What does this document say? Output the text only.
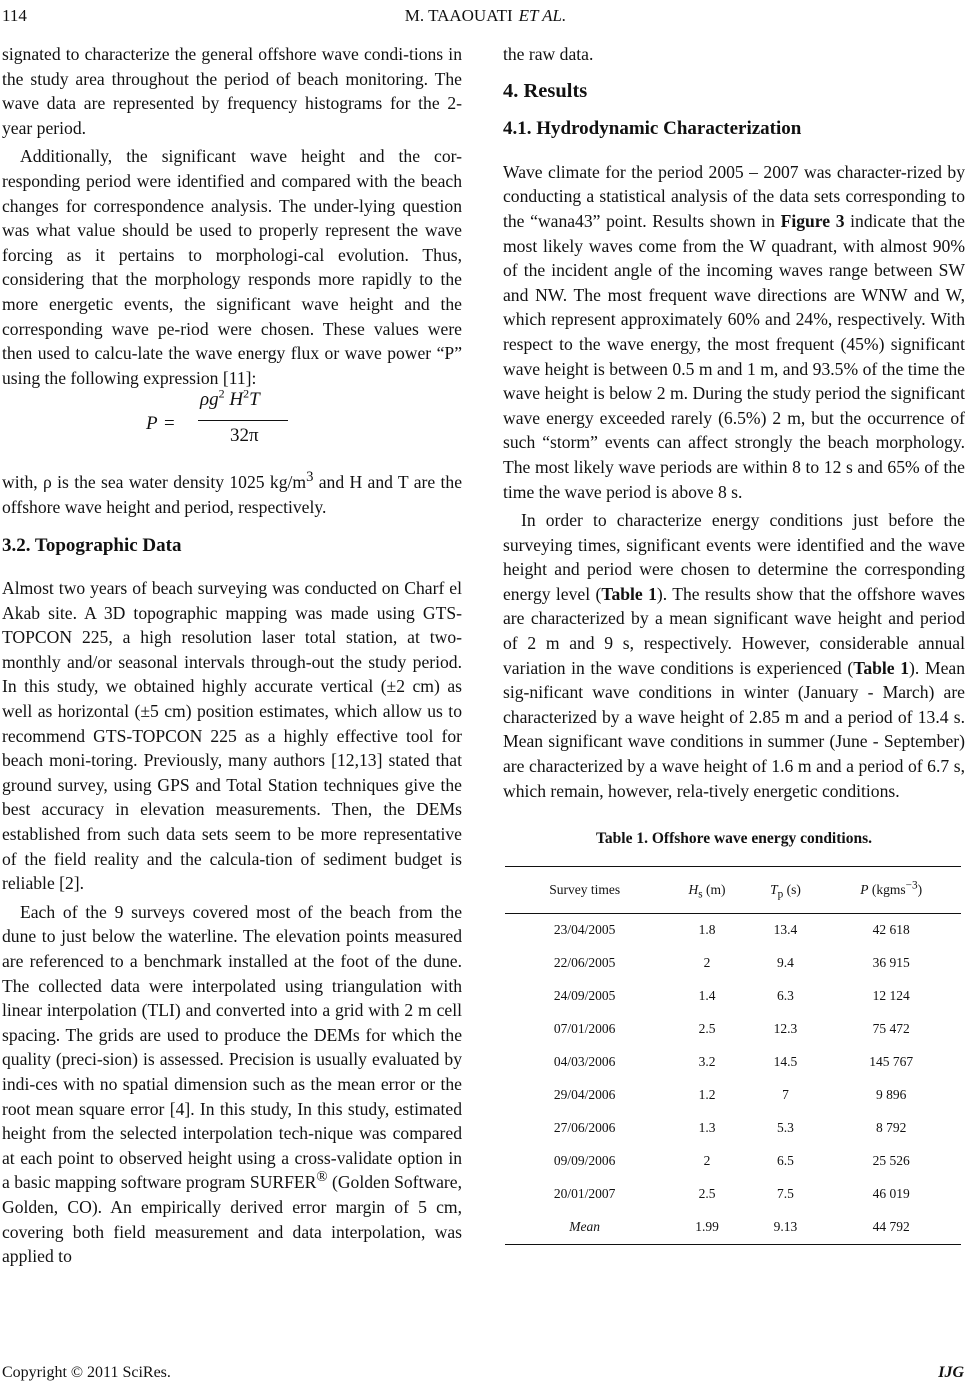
114	M. TAAOUATI ET AL.

signated to characterize the general offshore wave condi-tions in the study area throughout the period of beach monitoring. The wave data are represented by frequency histograms for the 2-year period.

Additionally, the significant wave height and the cor-responding period were identified and compared with the beach changes for correspondence analysis. The under-lying question was what value should be used to properly represent the wave forcing as it pertains to morphologi-cal evolution. Thus, considering that the morphology responds more rapidly to the more energetic events, the significant wave height and the corresponding wave pe-riod were chosen. These values were then used to calcu-late the wave energy flux or wave power “P” using the following expression [11]:

P =
$\rho g^2$ $H^2T$
32π

with, ρ is the sea water density 1025 $kg/m^3$ and H and T are the offshore wave height and period, respectively.

3.2. Topographic Data

Almost two years of beach surveying was conducted on Charf el Akab site. A 3D topographic mapping was made using GTS-TOPCON 225, a high resolution laser total station, at two-monthly and/or seasonal intervals through-out the study period. In this study, we obtained highly accurate vertical (±2 cm) as well as horizontal (±5 cm) position estimates, which allow us to recommend GTS-TOPCON 225 as a highly effective tool for beach moni-toring. Previously, many authors [12,13] stated that ground survey, using GPS and Total Station techniques give the best accuracy in elevation measurements. Then, the DEMs established from such data sets seem to be more representative of the field reality and the calcula-tion of sediment budget is reliable [2].

Each of the 9 surveys covered most of the beach from the dune to just below the waterline. The elevation points measured are referenced to a benchmark installed at the foot of the dune. The collected data were interpolated using triangulation with linear interpolation (TLI) and converted into a grid with 2 m cell spacing. The grids are used to produce the DEMs for which the quality (preci-sion) is assessed. Precision is usually evaluated by indi-ces with no spatial dimension such as the mean error or the root mean square error [4]. In this study, In this study, estimated height from the selected interpolation tech-nique was compared at each point to observed height using a cross-validate option in a basic mapping software program SURFER® (Golden Software, Golden, CO). An empirically derived error margin of 5 cm, covering both field measurement and data interpolation, was applied to

the raw data.

4. Results
4.1. Hydrodynamic Characterization

Wave climate for the period 2005 – 2007 was character-rized by conducting a statistical analysis of the data sets corresponding to the “wana43” point. Results shown in Figure 3 indicate that the most likely waves come from the W quadrant, with almost 90% of the incident angle of the incoming waves range between SW and NW. The most frequent wave directions are WNW and W, which represent approximately 60% and 24%, respectively. With respect to the wave energy, the most frequent (45%) significant wave height is between 0.5 m and 1 m, and 93.5% of the time the wave height is below 2 m. During the study period the significant wave energy exceeded rarely (6.5%) 2 m, but the occurrence of such “storm” events can affect strongly the beach morphology. The most likely wave periods are within 8 to 12 s and 65% of the time the wave period is above 8 s.

In order to characterize energy conditions just before the surveying times, significant events were identified and the wave height and period were chosen to determine the corresponding energy level (Table 1). The results show that the offshore waves are characterized by a mean significant wave height and period of 2 m and 9 s, respectively. However, considerable annual variation in the wave conditions is experienced (Table 1). Mean sig-nificant wave conditions in winter (January - March) are characterized by a wave height of 2.85 m and a period of 13.4 s. Mean significant wave conditions in summer (June - September) are characterized by a wave height of 1.6 m and a period of 6.7 s, which remain, however, rela-tively energetic conditions.

Table 1. Offshore wave energy conditions.

Survey times	$H_s$ (m)	$T_p$ (s)	P (kgms$^{-3}$)
23/04/2005	1.8	13.4	42 618
22/06/2005	2	9.4	36 915
24/09/2005	1.4	6.3	12 124
07/01/2006	2.5	12.3	75 472
04/03/2006	3.2	14.5	145 767
29/04/2006	1.2	7	9 896
27/06/2006	1.3	5.3	8 792
09/09/2006	2	6.5	25 526
20/01/2007	2.5	7.5	46 019
Mean	1.99	9.13	44 792
Copyright © 2011 SciRes.	IJG
